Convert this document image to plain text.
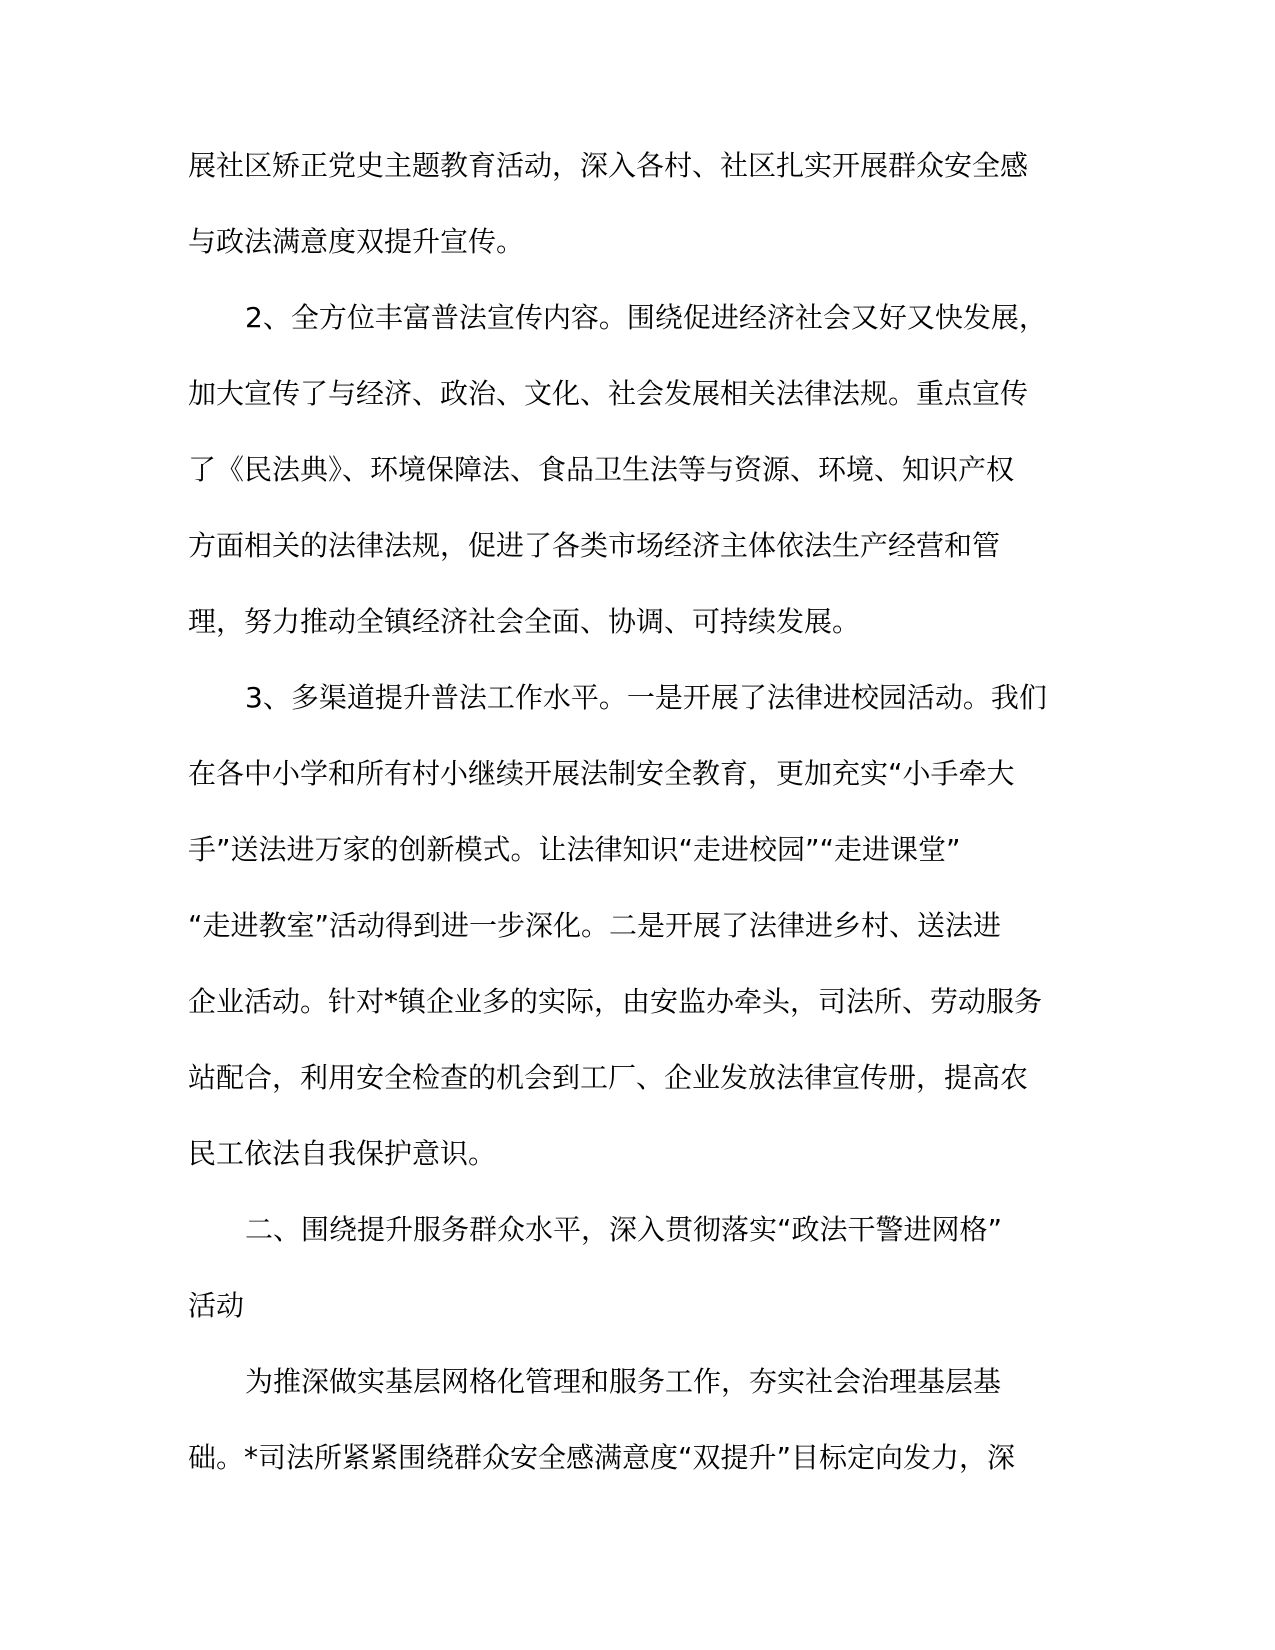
展社区矫正党史主题教育活动，深入各村、社区扎实开展群众安全感
与政法满意度双提升宣传。
2、全方位丰富普法宣传内容。围绕促进经济社会又好又快发展，
加大宣传了与经济、政治、文化、社会发展相关法律法规。重点宣传
了《民法典》、环境保障法、食品卫生法等与资源、环境、知识产权
方面相关的法律法规，促进了各类市场经济主体依法生产经营和管
理，努力推动全镇经济社会全面、协调、可持续发展。
3、多渠道提升普法工作水平。一是开展了法律进校园活动。我们
在各中小学和所有村小继续开展法制安全教育，更加充实“小手牵大
手”送法进万家的创新模式。让法律知识“走进校园”“走进课堂”
“走进教室”活动得到进一步深化。二是开展了法律进乡村、送法进
企业活动。针对*镇企业多的实际，由安监办牵头，司法所、劳动服务
站配合，利用安全检查的机会到工厂、企业发放法律宣传册，提高农
民工依法自我保护意识。
二、围绕提升服务群众水平，深入贯彻落实“政法干警进网格”
活动
为推深做实基层网格化管理和服务工作，夯实社会治理基层基
础。*司法所紧紧围绕群众安全感满意度“双提升”目标定向发力，深
